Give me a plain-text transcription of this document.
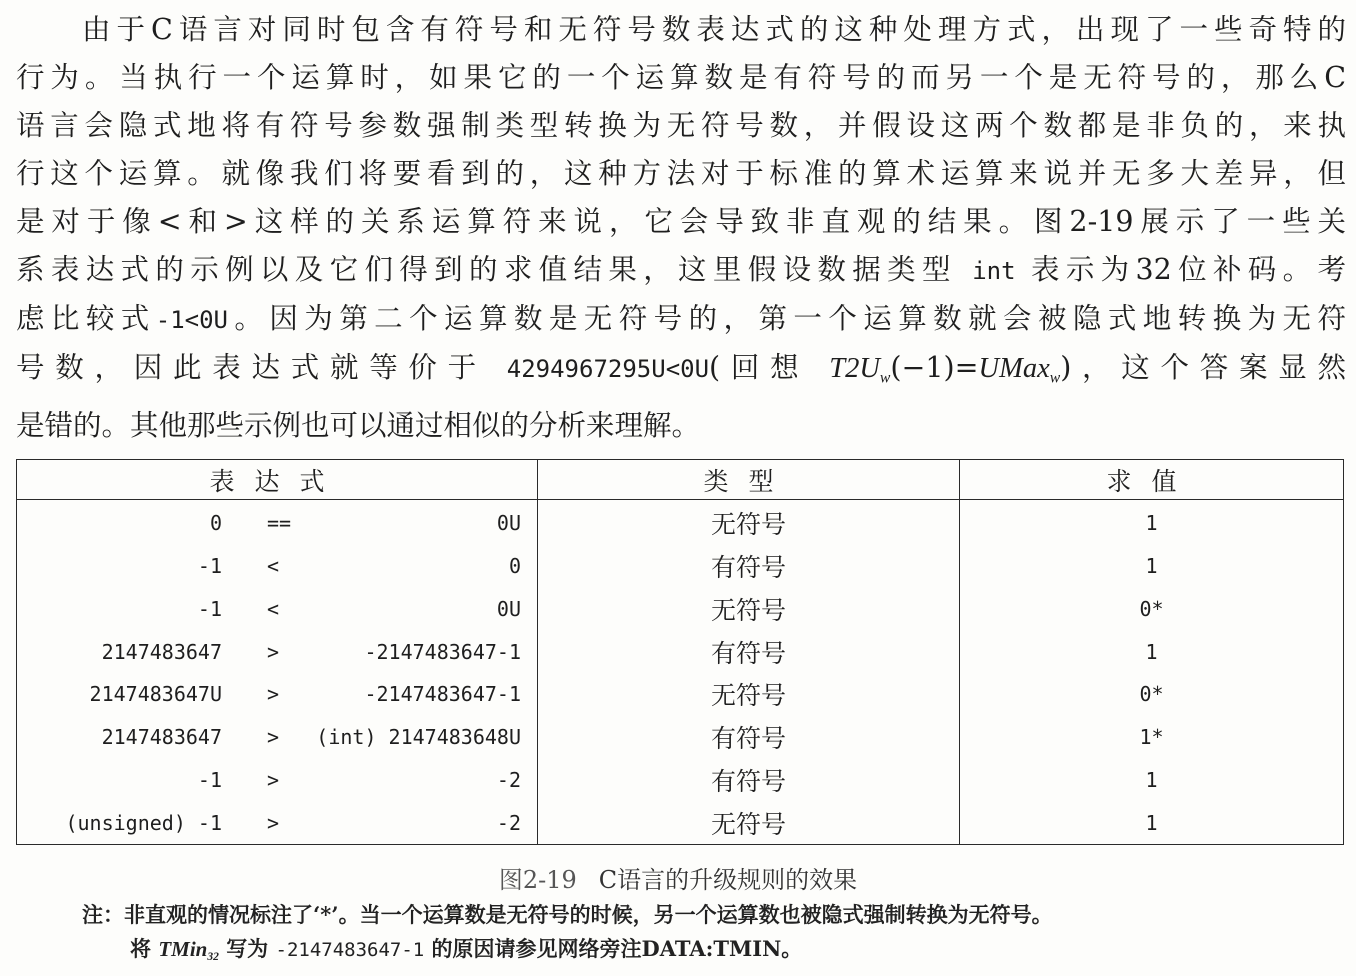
由于C语言对同时包含有符号和无符号数表达式的这种处理方式，出现了一些奇特的
行为。当执行一个运算时，如果它的一个运算数是有符号的而另一个是无符号的，那么C
语言会隐式地将有符号参数强制类型转换为无符号数，并假设这两个数都是非负的，来执
行这个运算。就像我们将要看到的，这种方法对于标准的算术运算来说并无多大差异，但
是对于像<和>这样的关系运算符来说，它会导致非直观的结果。图2-19展示了一些关
系表达式的示例以及它们得到的求值结果，这里假设数据类型 int 表示为32位补码。考
虑比较式-1<0U。因为第二个运算数是无符号的，第一个运算数就会被隐式地转换为无符
号数，因此表达式就等价于 4294967295U<0U(回想 $T2U_w(-1)=UMax_w$)，这个答案显然
是错的。其他那些示例也可以通过相似的分析来理解。
表达式	类型	求值

0 == 0U	无符号	1

-1 < 0	有符号	1

-1 < 0U	无符号	0*

2147483647 > -2147483647-1	有符号	1

2147483647U > -2147483647-1	无符号	0*

2147483647 > (int) 2147483648U	有符号	1*

-1 > -2	有符号	1

(unsigned) -1 > -2	无符号	1
图2-19 C语言的升级规则的效果
注：非直观的情况标注了‘*’。当一个运算数是无符号的时候，另一个运算数也被隐式强制转换为无符号。
将 TMin$_{32}$ 写为 -2147483647-1 的原因请参见网络旁注DATA:TMIN。
